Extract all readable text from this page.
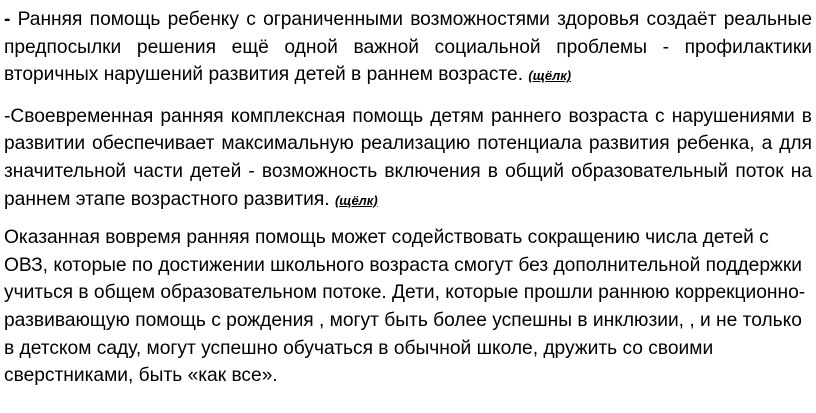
- Ранняя помощь ребенку с ограниченными возможностями здоровья создаёт реальные предпосылки решения ещё одной важной социальной проблемы - профилактики вторичных нарушений развития детей в раннем возрасте. (щёлк)

-Своевременная ранняя комплексная помощь детям раннего возраста с нарушениями в развитии обеспечивает максимальную реализацию потенциала развития ребенка, а для значительной части детей - возможность включения в общий образовательный поток на раннем этапе возрастного развития. (щёлк)

Оказанная вовремя ранняя помощь может содействовать сокращению числа детей с ОВЗ, которые по достижении школьного возраста смогут без дополнительной поддержки учиться в общем образовательном потоке. Дети, которые прошли раннюю коррекционно-развивающую помощь с рождения , могут быть более успешны в инклюзии, , и не только в детском саду, могут успешно обучаться в обычной школе, дружить со своими сверстниками, быть «как все».
